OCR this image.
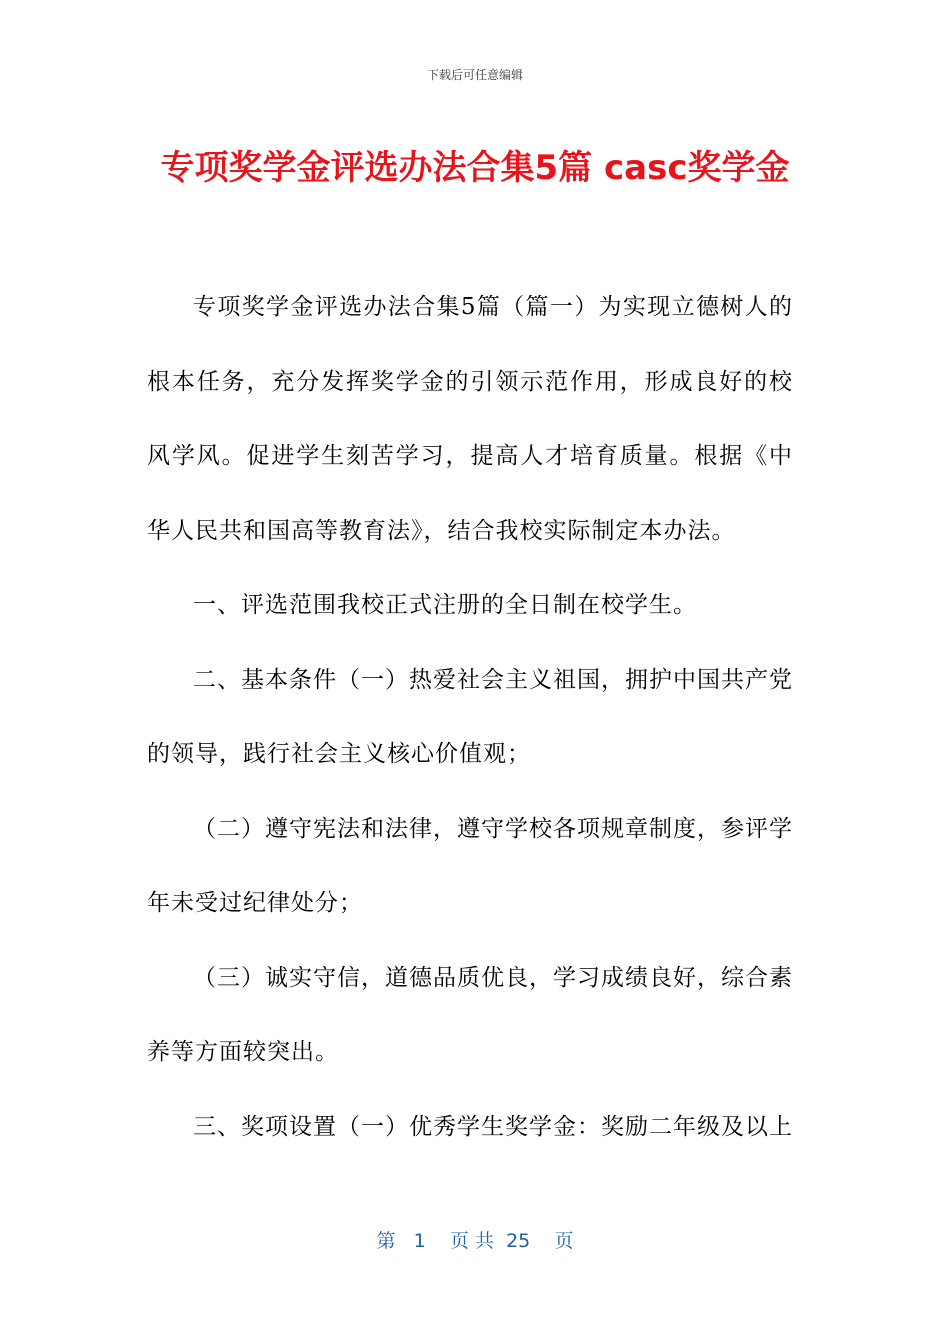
下载后可任意编辑
专项奖学金评选办法合集5篇 casc奖学金

专项奖学金评选办法合集5篇（篇一）为实现立德树人的根本任务，充分发挥奖学金的引领示范作用，形成良好的校风学风。促进学生刻苦学习，提高人才培育质量。根据《中华人民共和国高等教育法》，结合我校实际制定本办法。

一、评选范围我校正式注册的全日制在校学生。

二、基本条件（一）热爱社会主义祖国，拥护中国共产党的领导，践行社会主义核心价值观；

（二）遵守宪法和法律，遵守学校各项规章制度，参评学年未受过纪律处分；

（三）诚实守信，道德品质优良，学习成绩良好，综合素养等方面较突出。

三、奖项设置（一）优秀学生奖学金：奖励二年级及以上

第 1 页 共 25 页
